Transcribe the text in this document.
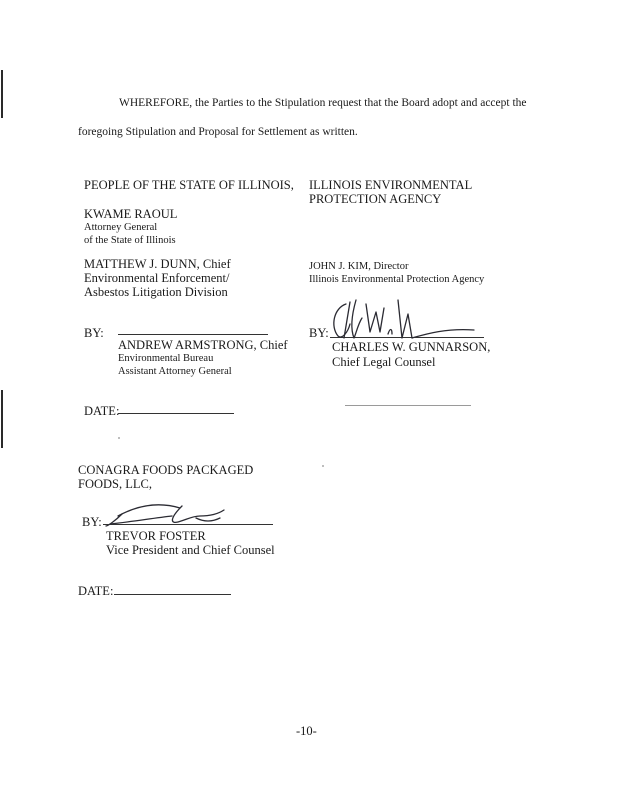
WHEREFORE, the Parties to the Stipulation request that the Board adopt and accept the
foregoing Stipulation and Proposal for Settlement as written.
PEOPLE OF THE STATE OF ILLINOIS,
KWAME RAOUL
Attorney General
of the State of Illinois
MATTHEW J. DUNN, Chief
Environmental Enforcement/
Asbestos Litigation Division
BY:
ANDREW ARMSTRONG, Chief
Environmental Bureau
Assistant Attorney General
DATE:
ILLINOIS ENVIRONMENTAL
PROTECTION AGENCY
JOHN J. KIM, Director
Illinois Environmental Protection Agency
BY:
CHARLES W. GUNNARSON,
Chief Legal Counsel
CONAGRA FOODS PACKAGED
FOODS, LLC,
BY:
TREVOR FOSTER
Vice President and Chief Counsel
DATE:
-10-
